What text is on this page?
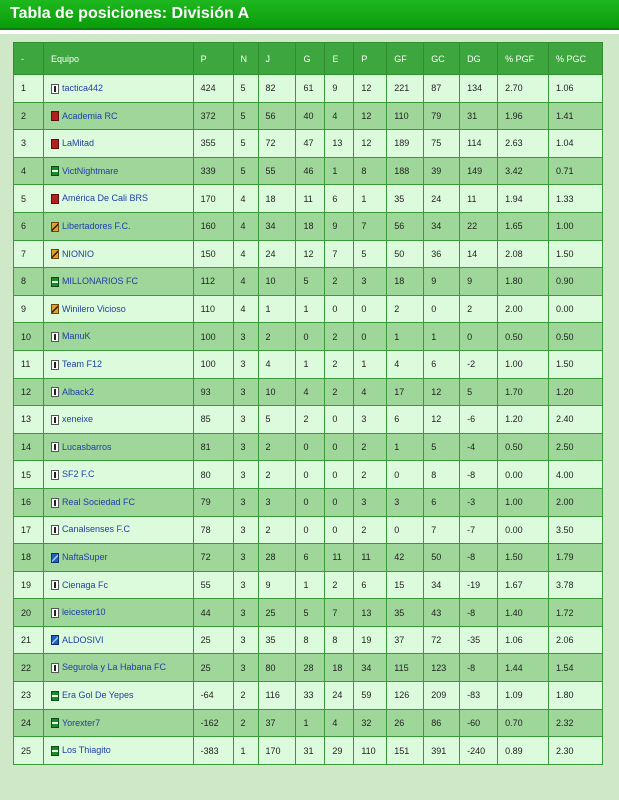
Tabla de posiciones: División A
-	Equipo	P	N	J	G	E	P	GF	GC	DG	% PGF	% PGC
1	tactica442	424	5	82	61	9	12	221	87	134	2.70	1.06
2	Academia RC	372	5	56	40	4	12	110	79	31	1.96	1.41
3	LaMitad	355	5	72	47	13	12	189	75	114	2.63	1.04
4	VictNightmare	339	5	55	46	1	8	188	39	149	3.42	0.71
5	América De Cali BRS	170	4	18	11	6	1	35	24	11	1.94	1.33
6	Libertadores F.C.	160	4	34	18	9	7	56	34	22	1.65	1.00
7	NIONIO	150	4	24	12	7	5	50	36	14	2.08	1.50
8	MILLONARIOS FC	112	4	10	5	2	3	18	9	9	1.80	0.90
9	Winilero Vicioso	110	4	1	1	0	0	2	0	2	2.00	0.00
10	ManuK	100	3	2	0	2	0	1	1	0	0.50	0.50
11	Team F12	100	3	4	1	2	1	4	6	-2	1.00	1.50
12	Alback2	93	3	10	4	2	4	17	12	5	1.70	1.20
13	xeneixe	85	3	5	2	0	3	6	12	-6	1.20	2.40
14	Lucasbarros	81	3	2	0	0	2	1	5	-4	0.50	2.50
15	SF2 F.C	80	3	2	0	0	2	0	8	-8	0.00	4.00
16	Real Sociedad FC	79	3	3	0	0	3	3	6	-3	1.00	2.00
17	Canalsenses F.C	78	3	2	0	0	2	0	7	-7	0.00	3.50
18	NaftaSuper	72	3	28	6	11	11	42	50	-8	1.50	1.79
19	Cienaga Fc	55	3	9	1	2	6	15	34	-19	1.67	3.78
20	leicester10	44	3	25	5	7	13	35	43	-8	1.40	1.72
21	ALDOSIVI	25	3	35	8	8	19	37	72	-35	1.06	2.06
22	Segurola y La Habana FC	25	3	80	28	18	34	115	123	-8	1.44	1.54
23	Era Gol De Yepes	-64	2	116	33	24	59	126	209	-83	1.09	1.80
24	Yorexter7	-162	2	37	1	4	32	26	86	-60	0.70	2.32
25	Los Thiagito	-383	1	170	31	29	110	151	391	-240	0.89	2.30
